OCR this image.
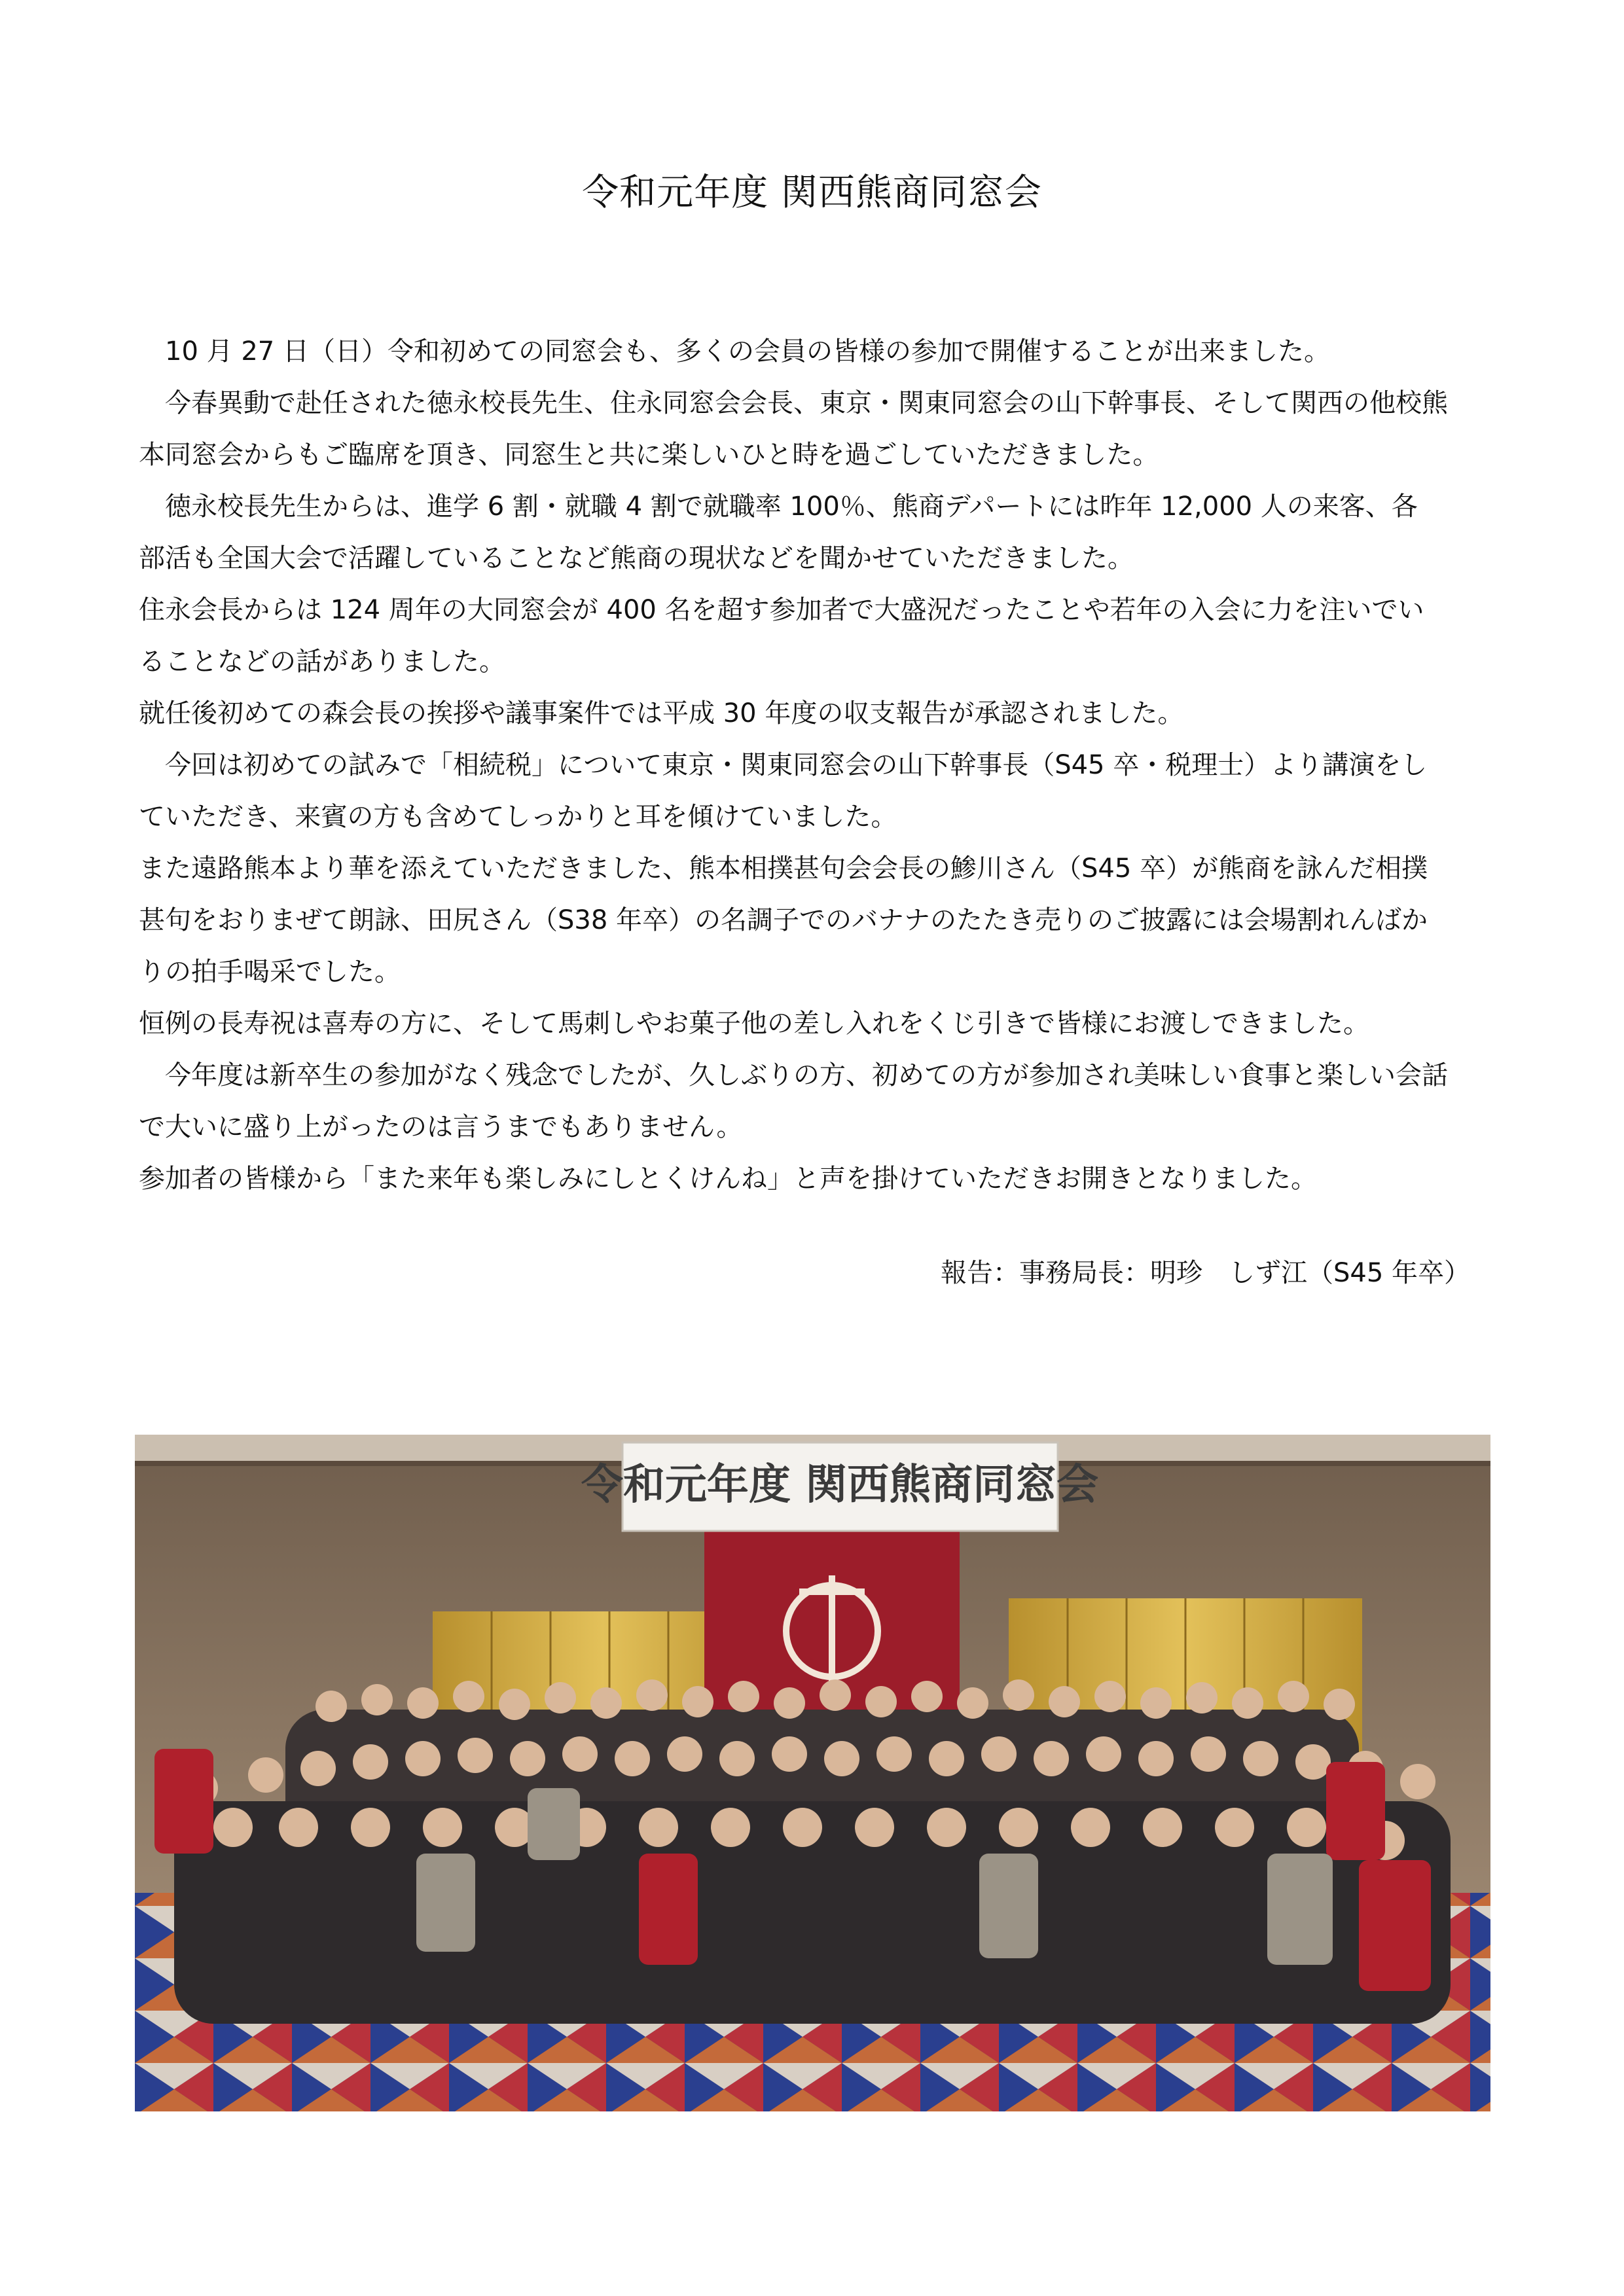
令和元年度 関西熊商同窓会

　10 月 27 日（日）令和初めての同窓会も、多くの会員の皆様の参加で開催することが出来ました。

　今春異動で赴任された徳永校長先生、住永同窓会会長、東京・関東同窓会の山下幹事長、そして関西の他校熊

本同窓会からもご臨席を頂き、同窓生と共に楽しいひと時を過ごしていただきました。

　徳永校長先生からは、進学 6 割・就職 4 割で就職率 100％、熊商デパートには昨年 12,000 人の来客、各

部活も全国大会で活躍していることなど熊商の現状などを聞かせていただきました。

住永会長からは 124 周年の大同窓会が 400 名を超す参加者で大盛況だったことや若年の入会に力を注いでい

ることなどの話がありました。

就任後初めての森会長の挨拶や議事案件では平成 30 年度の収支報告が承認されました。

　今回は初めての試みで「相続税」について東京・関東同窓会の山下幹事長（S45 卒・税理士）より講演をし

ていただき、来賓の方も含めてしっかりと耳を傾けていました。

また遠路熊本より華を添えていただきました、熊本相撲甚句会会長の鯵川さん（S45 卒）が熊商を詠んだ相撲

甚句をおりまぜて朗詠、田尻さん（S38 年卒）の名調子でのバナナのたたき売りのご披露には会場割れんばか

りの拍手喝采でした。

恒例の長寿祝は喜寿の方に、そして馬刺しやお菓子他の差し入れをくじ引きで皆様にお渡しできました。

　今年度は新卒生の参加がなく残念でしたが、久しぶりの方、初めての方が参加され美味しい食事と楽しい会話

で大いに盛り上がったのは言うまでもありません。

参加者の皆様から「また来年も楽しみにしとくけんね」と声を掛けていただきお開きとなりました。

報告：事務局長：明珍　しず江（S45 年卒）
令和元年度 関西熊商同窓会
